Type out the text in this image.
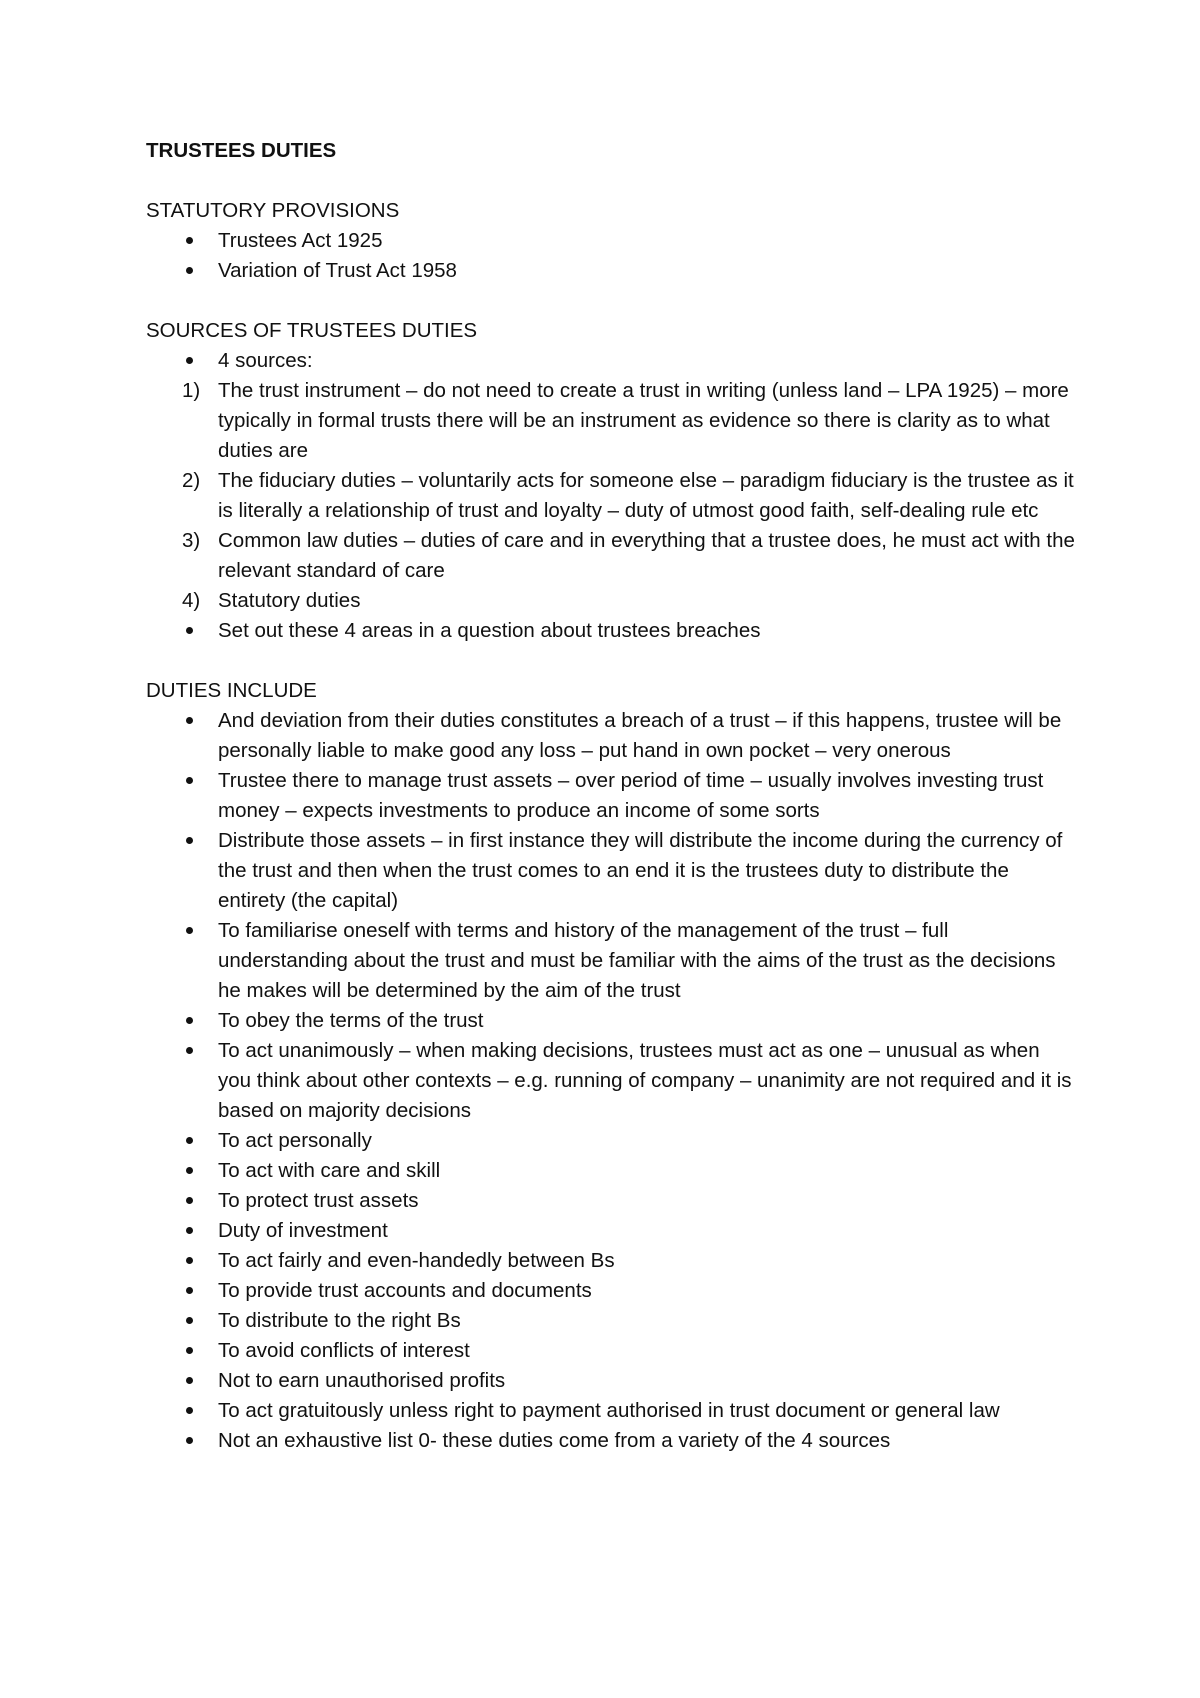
TRUSTEES DUTIES

STATUTORY PROVISIONS

Trustees Act 1925
Variation of Trust Act 1958

SOURCES OF TRUSTEES DUTIES

4 sources:
1) The trust instrument – do not need to create a trust in writing (unless land – LPA 1925) – more typically in formal trusts there will be an instrument as evidence so there is clarity as to what duties are
2) The fiduciary duties – voluntarily acts for someone else – paradigm fiduciary is the trustee as it is literally a relationship of trust and loyalty – duty of utmost good faith, self-dealing rule etc
3) Common law duties – duties of care and in everything that a trustee does, he must act with the relevant standard of care
4) Statutory duties
Set out these 4 areas in a question about trustees breaches

DUTIES INCLUDE

And deviation from their duties constitutes a breach of a trust – if this happens, trustee will be personally liable to make good any loss – put hand in own pocket – very onerous
Trustee there to manage trust assets – over period of time – usually involves investing trust money – expects investments to produce an income of some sorts
Distribute those assets – in first instance they will distribute the income during the currency of the trust and then when the trust comes to an end it is the trustees duty to distribute the entirety (the capital)
To familiarise oneself with terms and history of the management of the trust – full understanding about the trust and must be familiar with the aims of the trust as the decisions he makes will be determined by the aim of the trust
To obey the terms of the trust
To act unanimously – when making decisions, trustees must act as one – unusual as when you think about other contexts – e.g. running of company – unanimity are not required and it is based on majority decisions
To act personally
To act with care and skill
To protect trust assets
Duty of investment
To act fairly and even-handedly between Bs
To provide trust accounts and documents
To distribute to the right Bs
To avoid conflicts of interest
Not to earn unauthorised profits
To act gratuitously unless right to payment authorised in trust document or general law
Not an exhaustive list 0- these duties come from a variety of the 4 sources
